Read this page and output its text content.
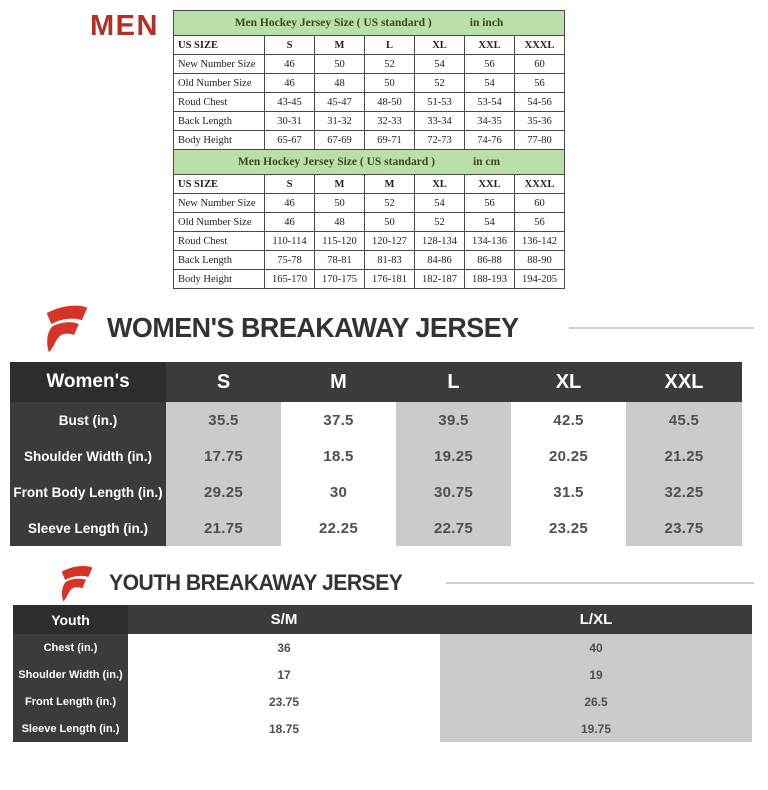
MEN	Men Hockey Jersey Size ( US standard ) in inch						
US SIZE	S	M	L	XL	XXL	XXXL
New Number Size	46	50	52	54	56	60
Old Number Size	46	48	50	52	54	56
Roud Chest	43-45	45-47	48-50	51-53	53-54	54-56
Back Length	30-31	31-32	32-33	33-34	34-35	35-36
Body Height	65-67	67-69	69-71	72-73	74-76	77-80
Men Hockey Jersey Size ( US standard ) in cm						
US SIZE	S	M	M	XL	XXL	XXXL
New Number Size	46	50	52	54	56	60
Old Number Size	46	48	50	52	54	56
Roud Chest	110-114	115-120	120-127	128-134	134-136	136-142
Back Length	75-78	78-81	81-83	84-86	86-88	88-90
Body Height	165-170	170-175	176-181	182-187	188-193	194-205
WOMEN'S BREAKAWAY JERSEY
Women's	S	M	L	XL	XXL
Bust (in.)	35.5	37.5	39.5	42.5	45.5
Shoulder Width (in.)	17.75	18.5	19.25	20.25	21.25
Front Body Length (in.)	29.25	30	30.75	31.5	32.25
Sleeve Length (in.)	21.75	22.25	22.75	23.25	23.75
YOUTH BREAKAWAY JERSEY
Youth	S/M	L/XL
Chest (in.)	36	40
Shoulder Width (in.)	17	19
Front Length (in.)	23.75	26.5
Sleeve Length (in.)	18.75	19.75
